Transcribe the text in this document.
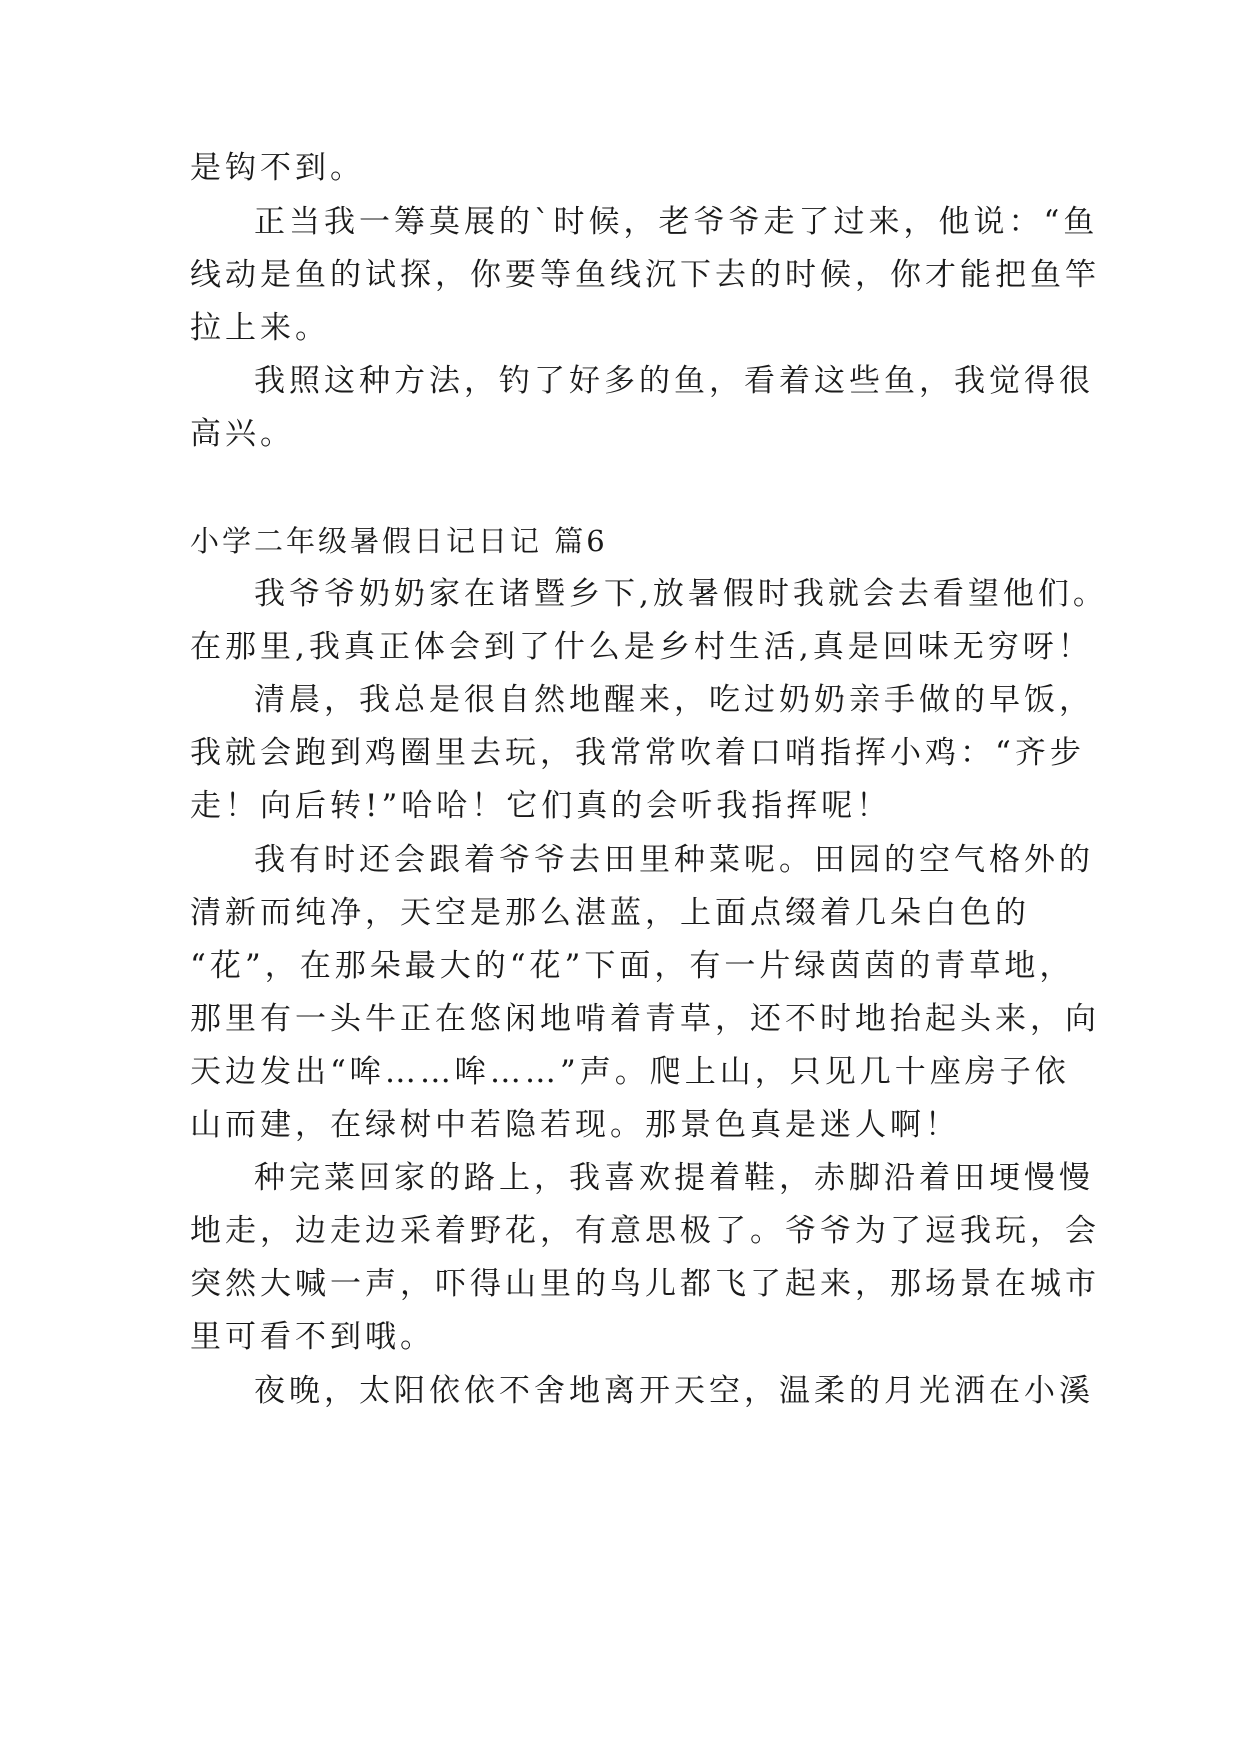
是钩不到。
正当我一筹莫展的`时候，老爷爷走了过来，他说：“鱼
线动是鱼的试探，你要等鱼线沉下去的时候，你才能把鱼竿
拉上来。
我照这种方法，钓了好多的鱼，看着这些鱼，我觉得很
高兴。
小学二年级暑假日记日记 篇6
我爷爷奶奶家在诸暨乡下,放暑假时我就会去看望他们。
在那里,我真正体会到了什么是乡村生活,真是回味无穷呀！
清晨，我总是很自然地醒来，吃过奶奶亲手做的早饭，
我就会跑到鸡圈里去玩，我常常吹着口哨指挥小鸡：“齐步
走！向后转!”哈哈！它们真的会听我指挥呢！
我有时还会跟着爷爷去田里种菜呢。田园的空气格外的
清新而纯净，天空是那么湛蓝，上面点缀着几朵白色的
“花”，在那朵最大的“花”下面，有一片绿茵茵的青草地，
那里有一头牛正在悠闲地啃着青草，还不时地抬起头来，向
天边发出“哞……哞……”声。爬上山，只见几十座房子依
山而建，在绿树中若隐若现。那景色真是迷人啊！
种完菜回家的路上，我喜欢提着鞋，赤脚沿着田埂慢慢
地走，边走边采着野花，有意思极了。爷爷为了逗我玩，会
突然大喊一声，吓得山里的鸟儿都飞了起来，那场景在城市
里可看不到哦。
夜晚，太阳依依不舍地离开天空，温柔的月光洒在小溪
